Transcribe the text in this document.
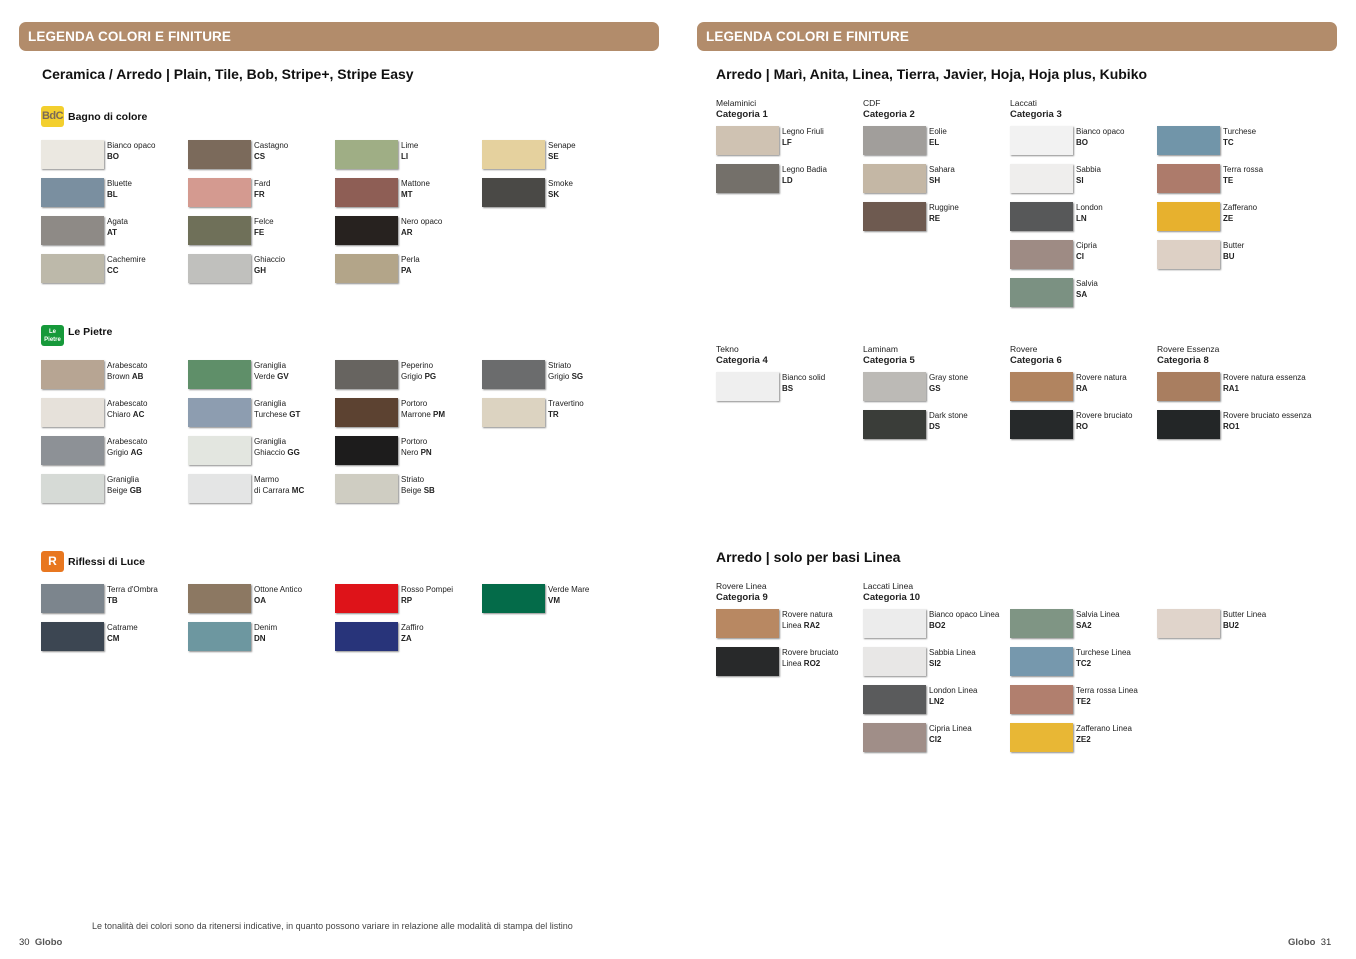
LEGENDA COLORI E FINITURE
Ceramica / Arredo | Plain, Tile, Bob, Stripe+, Stripe Easy
BdC Bagno di colore
Bianco opaco
BO
Bluette
BL
Agata
AT
Cachemire
CC
Castagno
CS
Fard
FR
Felce
FE
Ghiaccio
GH
Lime
LI
Mattone
MT
Nero opaco
AR
Perla
PA
Senape
SE
Smoke
SK
Le Pietre
Le Pietre
Arabescato
Brown AB
Arabescato
Chiaro AC
Arabescato
Grigio AG
Graniglia
Beige GB
Graniglia
Verde GV
Graniglia
Turchese GT
Graniglia
Ghiaccio GG
Marmo
di Carrara MC
Peperino
Grigio PG
Portoro
Marrone PM
Portoro
Nero PN
Striato
Beige SB
Striato
Grigio SG
Travertino
TR
R	Riflessi di Luce
Terra d'Ombra
TB
Catrame
CM
Ottone Antico
OA
Denim
DN
Rosso Pompei
RP
Zaffiro
ZA
Verde Mare
VM
Le tonalità dei colori sono da ritenersi indicative, in quanto possono variare in relazione alle modalità di stampa del listino
30 Globo
LEGENDA COLORI E FINITURE
Arredo | Marì, Anita, Linea, Tierra, Javier, Hoja, Hoja plus, Kubiko
Arredo | solo per basi Linea
Melaminici
Categoria 1
Legno Friuli
LF
Legno Badia
LD
CDF
Categoria 2
Eolie
EL
Sahara
SH
Ruggine
RE
Laccati
Categoria 3
Bianco opaco
BO
Sabbia
SI
London
LN
Cipria
CI
Salvia
SA
Turchese
TC
Terra rossa
TE
Zafferano
ZE
Butter
BU
Tekno
Categoria 4
Bianco solid
BS
Laminam
Categoria 5
Gray stone
GS
Dark stone
DS
Rovere
Categoria 6
Rovere natura
RA
Rovere bruciato
RO
Rovere Essenza
Categoria 8
Rovere natura essenza
RA1
Rovere bruciato essenza
RO1
Rovere Linea
Categoria 9
Rovere natura
Linea RA2
Rovere bruciato
Linea RO2
Laccati Linea
Categoria 10
Bianco opaco Linea
BO2
Sabbia Linea
SI2
London Linea
LN2
Cipria Linea
CI2
Salvia Linea
SA2
Turchese Linea
TC2
Terra rossa Linea
TE2
Zafferano Linea
ZE2
Butter Linea
BU2
Globo 31
